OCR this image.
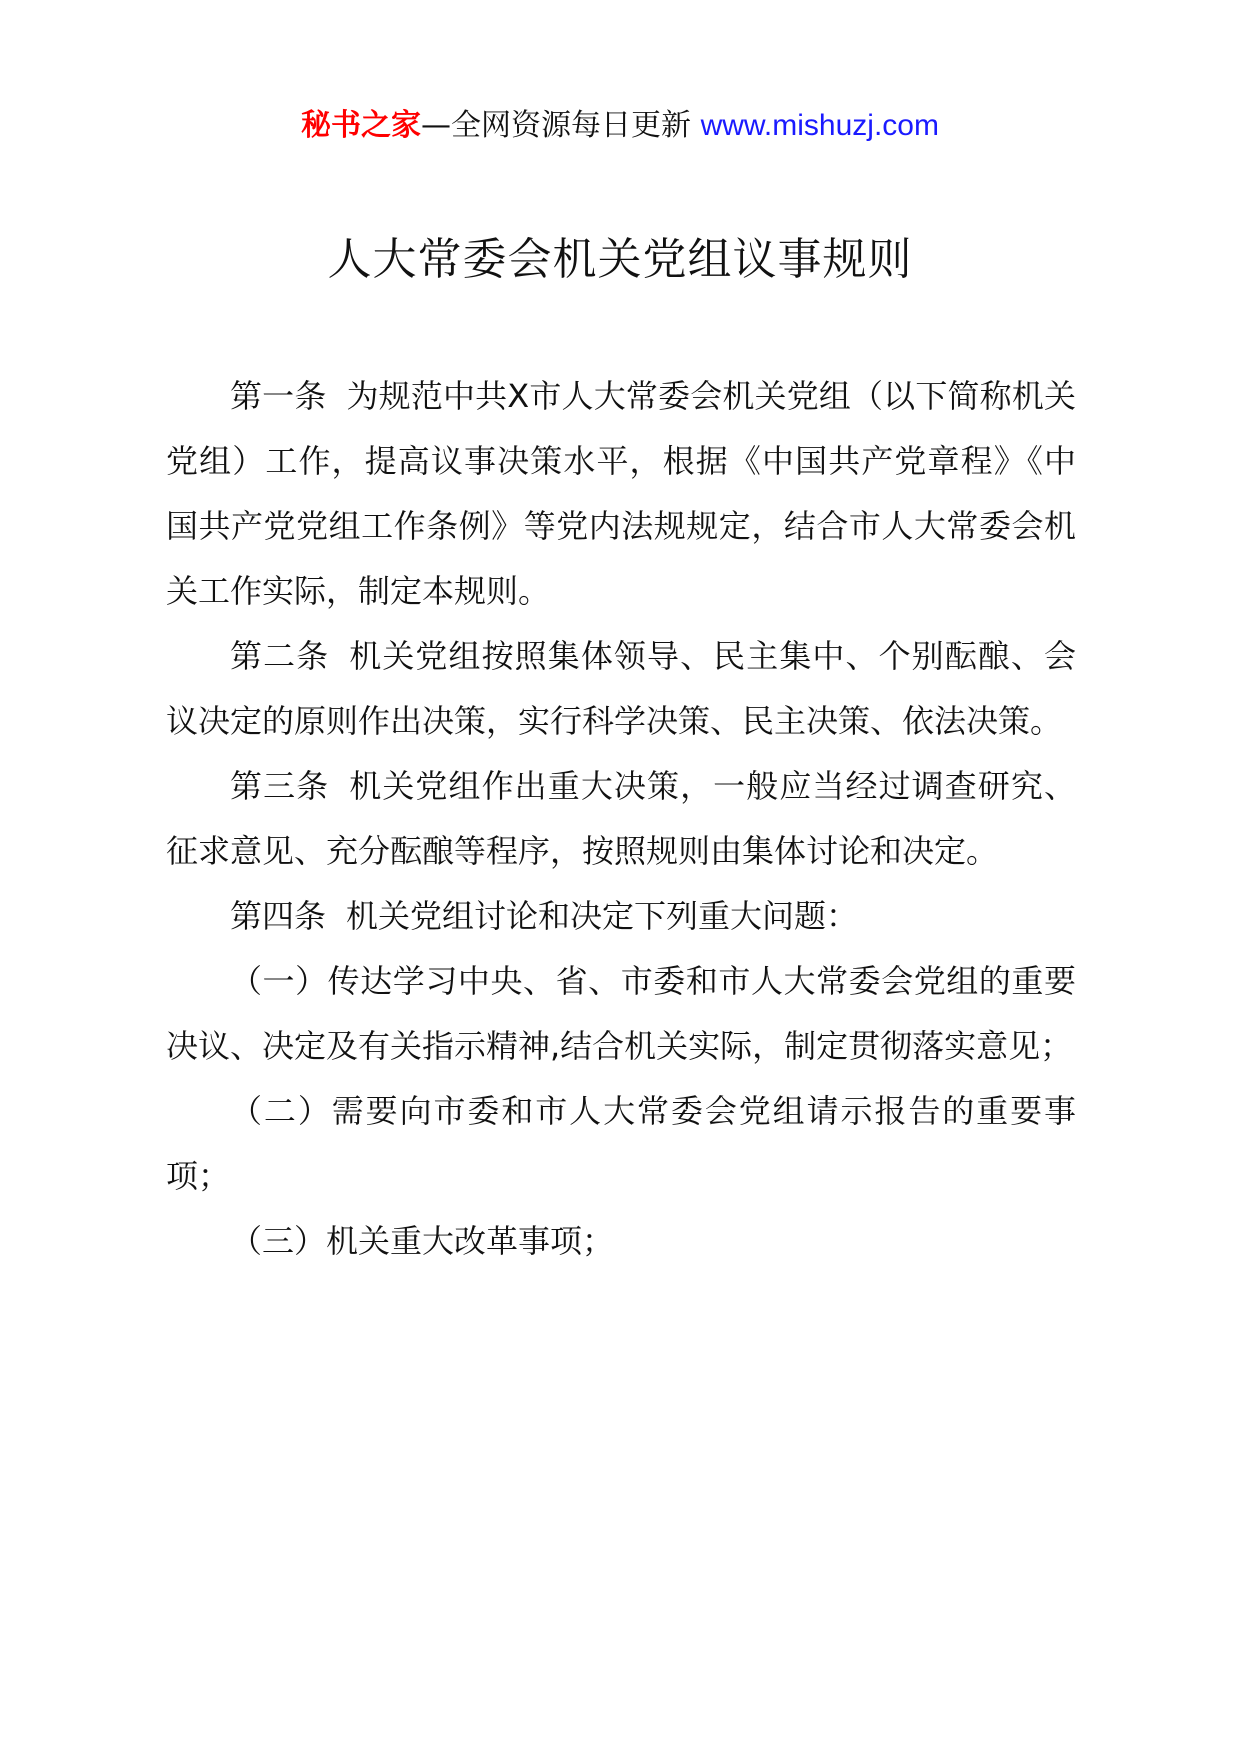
秘书之家—全网资源每日更新 www.mishuzj.com
人大常委会机关党组议事规则

第一条 为规范中共X市人大常委会机关党组（以下简称机关党组）工作，提高议事决策水平，根据《中国共产党章程》《中国共产党党组工作条例》等党内法规规定，结合市人大常委会机关工作实际，制定本规则。

第二条 机关党组按照集体领导、民主集中、个别酝酿、会议决定的原则作出决策，实行科学决策、民主决策、依法决策。

第三条 机关党组作出重大决策，一般应当经过调查研究、征求意见、充分酝酿等程序，按照规则由集体讨论和决定。

第四条 机关党组讨论和决定下列重大问题：

（一）传达学习中央、省、市委和市人大常委会党组的重要决议、决定及有关指示精神,结合机关实际，制定贯彻落实意见；

（二）需要向市委和市人大常委会党组请示报告的重要事项；

（三）机关重大改革事项；
